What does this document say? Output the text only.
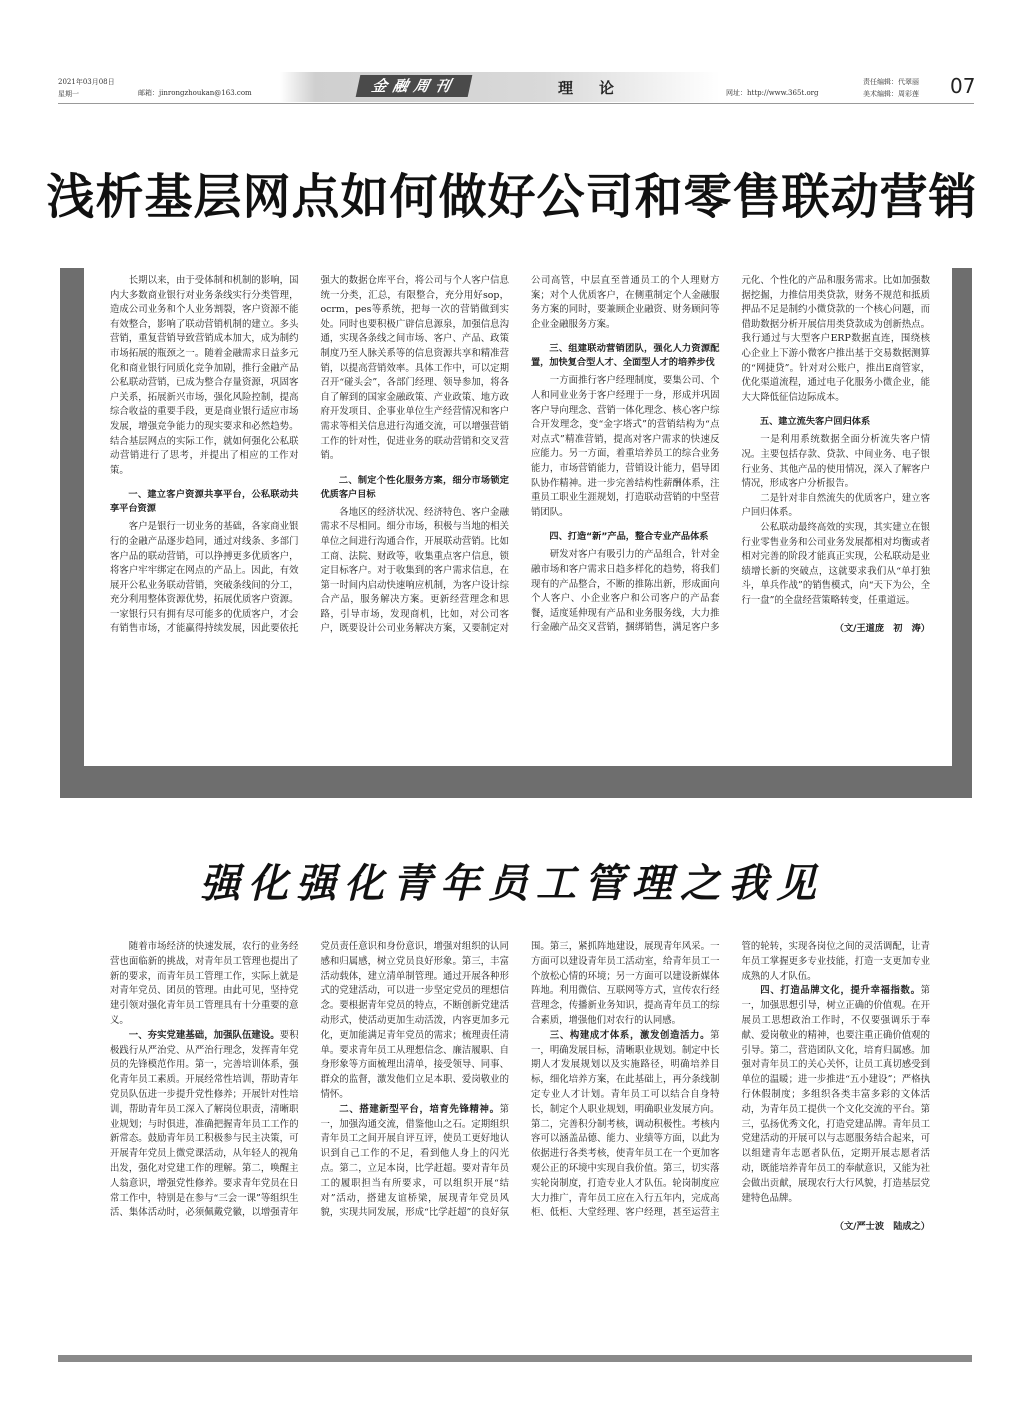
2021年03月08日
星期一	邮箱：jinrongzhoukan@163.com	金融周刊	理论	网址：http://www.365t.org
责任编辑：代翠丽
美术编辑：周彩莲 07
浅析基层网点如何做好公司和零售联动营销

长期以来，由于受体制和机制的影响，国内大多数商业银行对业务条线实行分类管理，造成公司业务和个人业务割裂，客户资源不能有效整合，影响了联动营销机制的建立。多头营销，重复营销导致营销成本加大，成为制约市场拓展的瓶颈之一。随着金融需求日益多元化和商业银行同质化竞争加剧，推行金融产品公私联动营销，已成为整合存量资源，巩固客户关系，拓展新兴市场，强化风险控制，提高综合收益的重要手段，更是商业银行适应市场发展，增强竞争能力的现实要求和必然趋势。结合基层网点的实际工作，就如何强化公私联动营销进行了思考，并提出了相应的工作对策。

一、建立客户资源共享平台，公私联动共享平台资源

客户是银行一切业务的基础，各家商业银行的金融产品逐步趋同，通过对线条、多部门客户品的联动营销，可以挣搏更多优质客户，将客户牢牢绑定在网点的产品上。因此，有效展开公私业务联动营销，突破条线间的分工，充分利用整体资源优势，拓展优质客户资源。一家银行只有拥有尽可能多的优质客户，才会有销售市场，才能赢得持续发展，因此要依托强大的数据仓库平台，将公司与个人客户信息统一分类，汇总，有限整合，充分用好sop，ocrm，pes等系统，把每一次的营销做到实处。同时也要积极广辟信息源泉，加强信息沟通，实现各条线之间市场、客户、产品、政策制度乃至人脉关系等的信息资源共享和精准营销，以提高营销效率。具体工作中，可以定期召开“碰头会”，各部门经理、领导参加，将各自了解到的国家金融政策、产业政策、地方政府开发项目、企事业单位生产经营情况和客户需求等相关信息进行沟通交流，可以增强营销工作的针对性，促进业务的联动营销和交叉营销。

二、制定个性化服务方案，细分市场锁定优质客户目标

各地区的经济状况、经济特色、客户金融需求不尽相同。细分市场，积极与当地的相关单位之间进行沟通合作，开展联动营销。比如工商、法院、财政等，收集重点客户信息，锁定目标客户。对于收集到的客户需求信息，在第一时间内启动快速响应机制，为客户设计综合产品，服务解决方案。更新经营理念和思路，引导市场，发现商机，比如，对公司客户，既要设计公司业务解决方案，又要制定对公司高管，中层直至普通员工的个人理财方案；对个人优质客户，在侧重制定个人金融服务方案的同时，要兼顾企业融资、财务顾问等企业金融服务方案。

三、组建联动营销团队，强化人力资源配置，加快复合型人才、全面型人才的培养步伐

一方面推行客户经理制度，要集公司、个人和同业业务于客户经理于一身，形成并巩固客户导向理念、营销一体化理念、核心客户综合开发理念，变“金字塔式”的营销结构为“点对点式”精准营销，提高对客户需求的快速反应能力。另一方面，着重培养员工的综合业务能力，市场营销能力，营销设计能力，倡导团队协作精神。进一步完善结构性薪酬体系，注重员工职业生涯规划，打造联动营销的中坚营销团队。

四、打造“新”产品，整合专业产品体系

研发对客户有吸引力的产品组合，针对金融市场和客户需求日趋多样化的趋势，将我们现有的产品整合，不断的推陈出新，形成面向个人客户、小企业客户和公司客户的产品套餐，适度延伸现有产品和业务服务线，大力推行金融产品交叉营销，捆绑销售，满足客户多元化、个性化的产品和服务需求。比如加强数据挖掘，力推信用类贷款，财务不规范和抵质押品不足是制约小微贷款的一个核心问题，而借助数据分析开展信用类贷款成为创新热点。我行通过与大型客户ERP数据直连，围绕核心企业上下游小微客户推出基于交易数据测算的“网捷贷”。针对对公账户，推出E商管家，优化渠道流程，通过电子化服务小微企业，能大大降低征信边际成本。

五、建立流失客户回归体系

一是利用系统数据全面分析流失客户情况。主要包括存款、贷款、中间业务、电子银行业务、其他产品的使用情况，深入了解客户情况，形成客户分析报告。

二是针对非自然流失的优质客户，建立客户回归体系。

公私联动最终高效的实现，其实建立在银行业零售业务和公司业务发展都相对均衡或者相对完善的阶段才能真正实现，公私联动是业绩增长新的突破点，这就要求我们从“单打独斗，单兵作战”的销售模式，向“天下为公，全行一盘”的全盘经营策略转变，任重道远。

（文/王道庞　初　涛）
强化强化青年员工管理之我见

随着市场经济的快速发展，农行的业务经营也面临新的挑战，对青年员工管理也提出了新的要求，而青年员工管理工作，实际上就是对青年党员、团员的管理。由此可见，坚持党建引领对强化青年员工管理具有十分重要的意义。

一、夯实党建基础，加强队伍建设。要积极践行从严治党、从严治行理念，发挥青年党员的先锋模范作用。第一，完善培训体系，强化青年员工素质。开展经常性培训，帮助青年党员队伍进一步提升党性修养；开展针对性培训，帮助青年员工深入了解岗位职责，清晰职业规划；与时俱进，准确把握青年员工工作的新常态。鼓励青年员工积极参与民主决策，可开展青年党员上微党课活动，从年轻人的视角出发，强化对党建工作的理解。第二，唤醒主人翁意识，增强党性修养。要求青年党员在日常工作中，特别是在参与“三会一课”等组织生活、集体活动时，必须佩戴党徽，以增强青年党员责任意识和身份意识，增强对组织的认同感和归属感，树立党员良好形象。第三，丰富活动载体，建立清单制管理。通过开展各种形式的党建活动，可以进一步坚定党员的理想信念。要根据青年党员的特点，不断创新党建活动形式，使活动更加生动活泼，内容更加多元化，更加能满足青年党员的需求；梳理责任清单。要求青年员工从理想信念、廉洁履职、自身形象等方面梳理出清单，接受领导、同事、群众的监督，激发他们立足本职、爱岗敬业的情怀。

二、搭建新型平台，培育先锋精神。第一，加强沟通交流，借鉴他山之石。定期组织青年员工之间开展自评互评，使员工更好地认识到自己工作的不足，看到他人身上的闪光点。第二，立足本岗，比学赶超。要对青年员工的履职担当有所要求，可以组织开展“结对”活动，搭建友谊桥梁，展现青年党员风貌，实现共同发展，形成“比学赶超”的良好氛围。第三，紧抓阵地建设，展现青年风采。一方面可以建设青年员工活动室，给青年员工一个放松心情的环境；另一方面可以建设新媒体阵地。利用微信、互联网等方式，宣传农行经营理念，传播新业务知识，提高青年员工的综合素质，增强他们对农行的认同感。

三、构建成才体系，激发创造活力。第一，明确发展目标，清晰职业规划。制定中长期人才发展规划以及实施路径，明确培养目标，细化培养方案，在此基础上，再分条线制定专业人才计划。青年员工可以结合自身特长，制定个人职业规划，明确职业发展方向。第二，完善积分制考核，调动积极性。考核内容可以涵盖品德、能力、业绩等方面，以此为依据进行各类考核，使青年员工在一个更加客观公正的环境中实现自我价值。第三，切实落实轮岗制度，打造专业人才队伍。轮岗制度应大力推广，青年员工应在入行五年内，完成高柜、低柜、大堂经理、客户经理，甚至运营主管的轮转，实现各岗位之间的灵活调配，让青年员工掌握更多专业技能，打造一支更加专业成熟的人才队伍。

四、打造品牌文化，提升幸福指数。第一，加强思想引导，树立正确的价值观。在开展员工思想政治工作时，不仅要强调乐于奉献、爱岗敬业的精神，也要注重正确价值观的引导。第二，营造团队文化，培育归属感。加强对青年员工的关心关怀，让员工真切感受到单位的温暖；进一步推进“五小建设”；严格执行休假制度；多组织各类丰富多彩的文体活动，为青年员工提供一个文化交流的平台。第三，弘扬优秀文化，打造党建品牌。青年员工党建活动的开展可以与志愿服务结合起来，可以组建青年志愿者队伍，定期开展志愿者活动，既能培养青年员工的奉献意识，又能为社会做出贡献，展现农行大行风貌，打造基层党建特色品牌。

（文/严士波　陆成之）
